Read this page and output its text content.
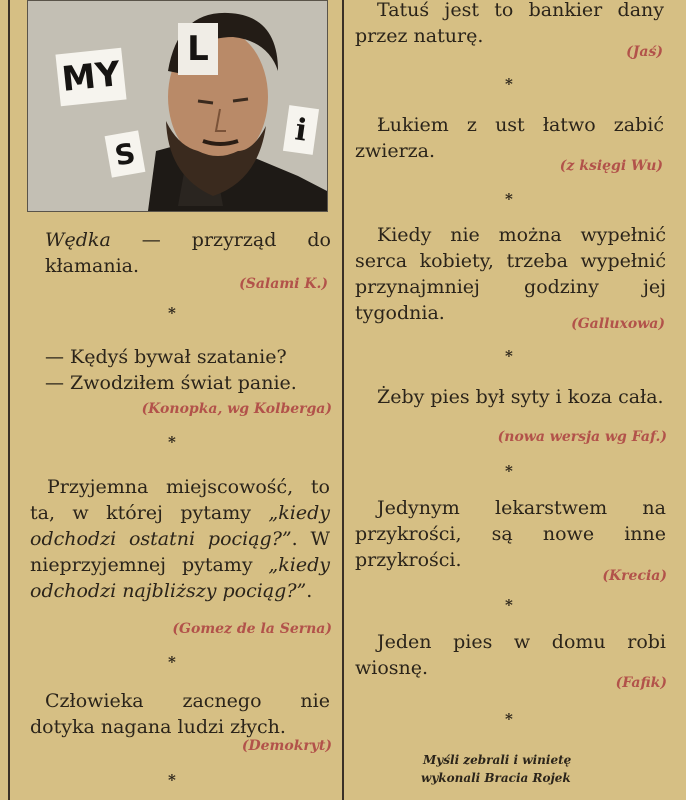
MY
L
i
S

Wędka — przyrząd do kłamania.

(Salami K.)
*

— Kędyś bywał szatanie?

— Zwodziłem świat panie.

(Konopka, wg Kolberga)
*

Przyjemna miejscowość, to ta, w której pytamy „kiedy odchodzi ostatni pociąg?”. W nieprzyjemnej pytamy „kiedy odchodzi najbliższy pociąg?”.

(Gomez de la Serna)
*

Człowieka zacnego nie dotyka nagana ludzi złych.

(Demokryt)
*

Tatuś jest to bankier dany przez naturę.

(Jaś)
*

Łukiem z ust łatwo zabić zwierza.

(z księgi Wu)
*

Kiedy nie można wypełnić serca kobiety, trzeba wypełnić przynajmniej godziny jej tygodnia.	(Galluxowa)
*

Żeby pies był syty i koza cała.

(nowa wersja wg Faf.)
*

Jedynym lekarstwem na przykrości, są nowe inne przykrości.

(Krecia)
*

Jeden pies w domu robi wiosnę.

(Fafik)
*
Myśli zebrali i winietę
wykonali Bracia Rojek
